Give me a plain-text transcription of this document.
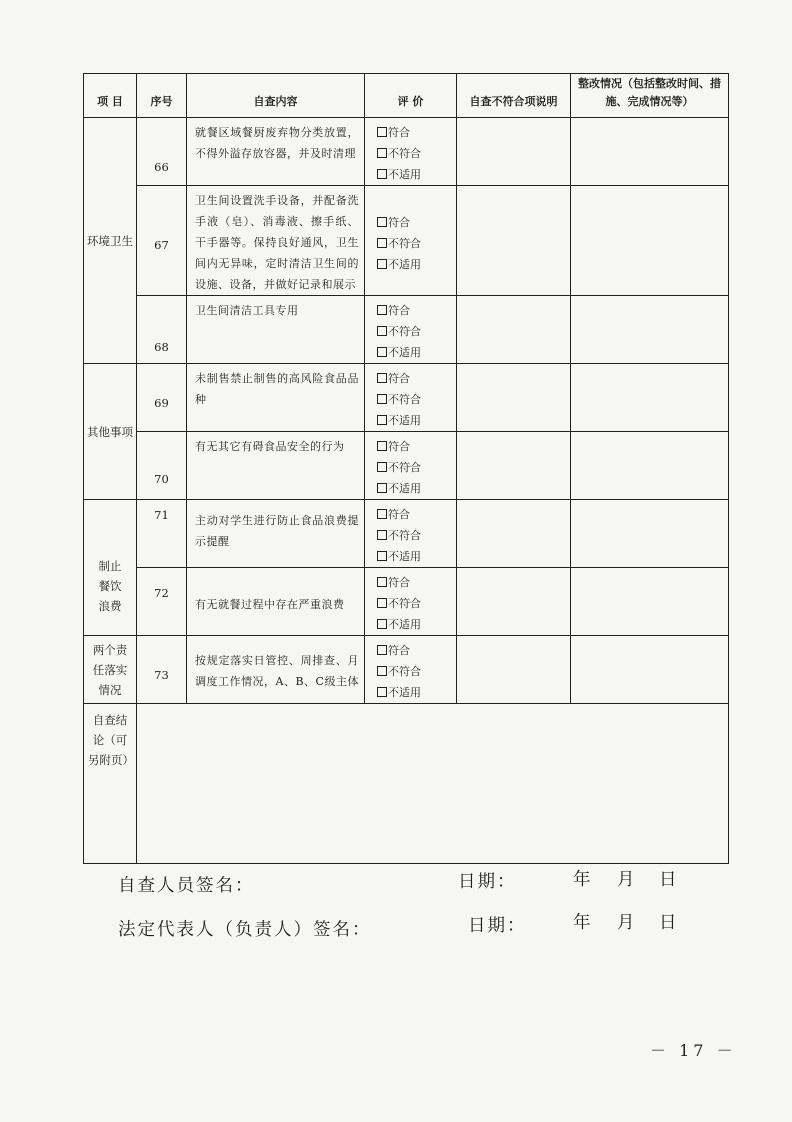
项 目	序号	自查内容	评 价	自查不符合项说明	整改情况（包括整改时间、措施、完成情况等）
环境卫生	66	就餐区域餐厨废弃物分类放置，不得外溢存放容器，并及时清理	符合
不符合
不适用		

	67	卫生间设置洗手设备，并配备洗手液（皂）、消毒液、擦手纸、干手器等。保持良好通风，卫生间内无异味，定时清洁卫生间的设施、设备，并做好记录和展示	符合
不符合
不适用		

	68	卫生间清洁工具专用	符合
不符合
不适用		

其他事项	69	未制售禁止制售的高风险食品品种	符合
不符合
不适用		

	70	有无其它有碍食品安全的行为	符合
不符合
不适用		

制止餐饮浪费	71	主动对学生进行防止食品浪费提示提醒	符合
不符合
不适用		

	72	有无就餐过程中存在严重浪费	符合
不符合
不适用		

两个责任落实情况	73	按规定落实日管控、周排查、月调度工作情况，A、B、C级主体	符合
不符合
不适用		

自查结论（可另附页）					
自查人员签名：	日期：	年 月 日
法定代表人（负责人）签名：	日期：	年 月 日
－ 17 －
